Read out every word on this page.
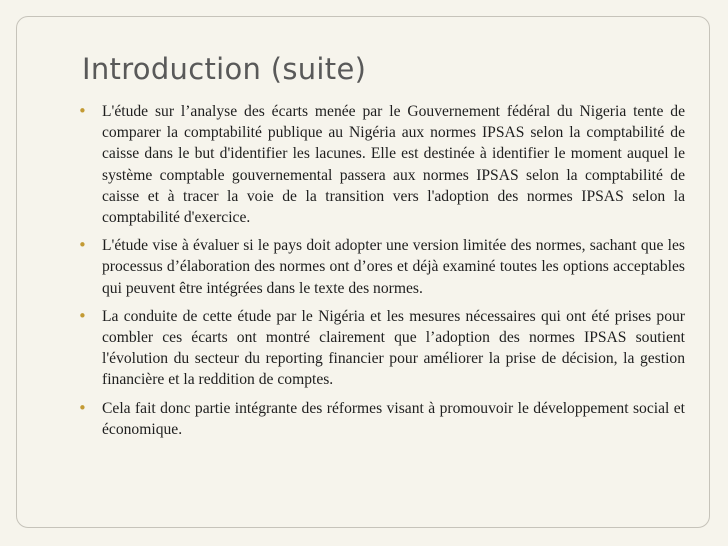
Introduction (suite)
• L'étude sur l’analyse des écarts menée par le Gouvernement fédéral du Nigeria tente de comparer la comptabilité publique au Nigéria aux normes IPSAS selon la comptabilité de caisse dans le but d'identifier les lacunes. Elle est destinée à identifier le moment auquel le système comptable gouvernemental passera aux normes IPSAS selon la comptabilité de caisse et à tracer la voie de la transition vers l'adoption des normes IPSAS selon la comptabilité d'exercice.
• L'étude vise à évaluer si le pays doit adopter une version limitée des normes, sachant que les processus d’élaboration des normes ont d’ores et déjà examiné toutes les options acceptables qui peuvent être intégrées dans le texte des normes.
• La conduite de cette étude par le Nigéria et les mesures nécessaires qui ont été prises pour combler ces écarts ont montré clairement que l’adoption des normes IPSAS soutient l'évolution du secteur du reporting financier pour améliorer la prise de décision, la gestion financière et la reddition de comptes.
• Cela fait donc partie intégrante des réformes visant à promouvoir le développement social et économique.
